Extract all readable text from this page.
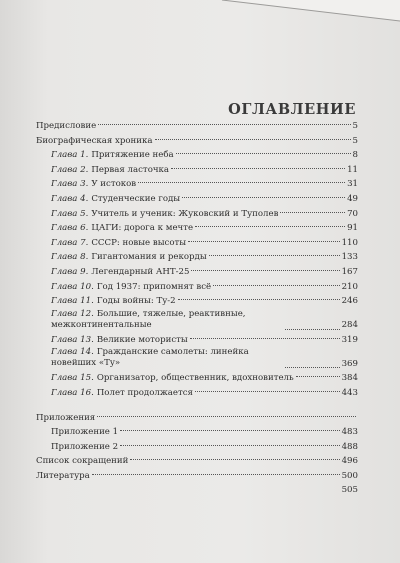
ОГЛАВЛЕНИЕ
Предисловие	5
Биографическая хроника	5
Глава 1. Притяжение неба	8
Глава 2. Первая ласточка	11
Глава 3. У истоков	31
Глава 4. Студенческие годы	49
Глава 5. Учитель и ученик: Жуковский и Туполев	70
Глава 6. ЦАГИ: дорога к мечте	91
Глава 7. СССР: новые высоты	110
Глава 8. Гигантомания и рекорды	133
Глава 9. Легендарный АНТ-25	167
Глава 10. Год 1937: припомнят всё	210
Глава 11. Годы войны: Ту-2	246
Глава 12. Большие, тяжелые, реактивные, межконтинентальные	284
Глава 13. Великие мотористы	319
Глава 14. Гражданские самолеты: линейка новейших «Ту»	369
Глава 15. Организатор, общественник, вдохновитель	384
Глава 16. Полет продолжается	443
Приложения
Приложение 1	483
Приложение 2	488
Список сокращений	496
Литература	500
505
